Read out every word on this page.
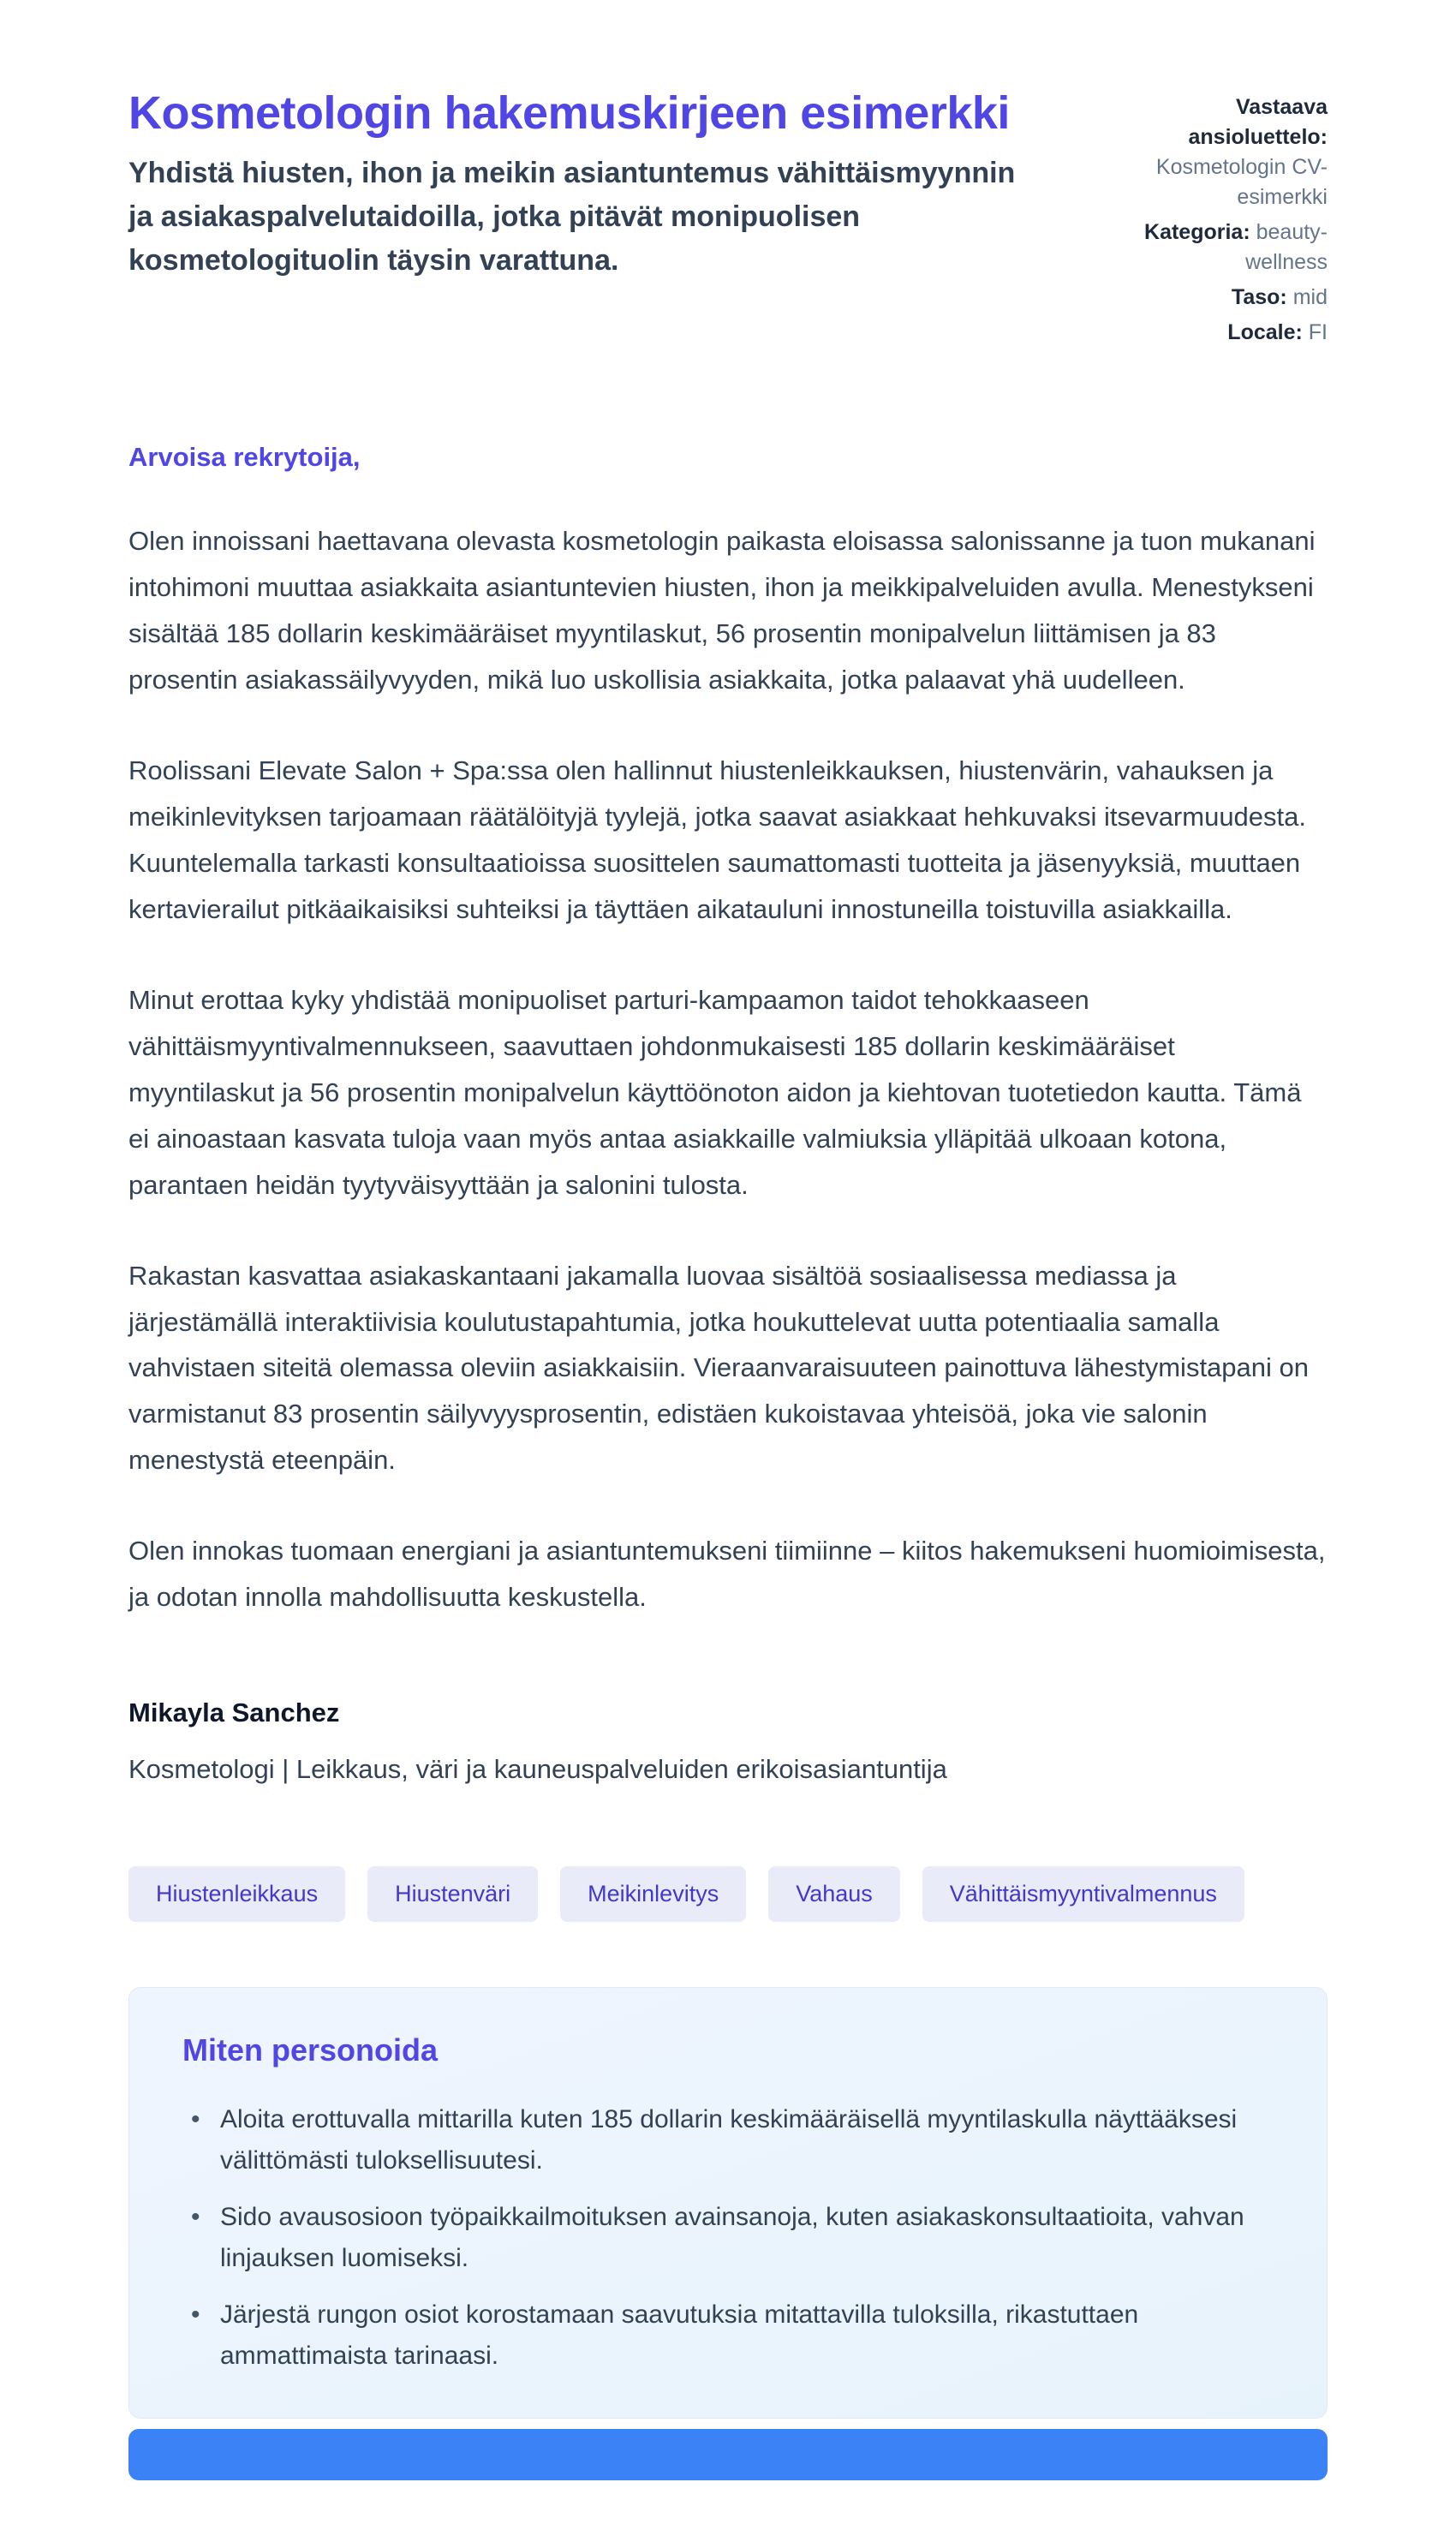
Kosmetologin hakemuskirjeen esimerkki

Yhdistä hiusten, ihon ja meikin asiantuntemus vähittäismyynnin ja asiakaspalvelutaidoilla, jotka pitävät monipuolisen kosmetologituolin täysin varattuna.

Vastaava ansioluettelo: Kosmetologin CV-esimerkki
Kategoria: beauty-wellness
Taso: mid
Locale: FI

Arvoisa rekrytoija,

Olen innoissani haettavana olevasta kosmetologin paikasta eloisassa salonissanne ja tuon mukanani intohimoni muuttaa asiakkaita asiantuntevien hiusten, ihon ja meikkipalveluiden avulla. Menestykseni sisältää 185 dollarin keskimääräiset myyntilaskut, 56 prosentin monipalvelun liittämisen ja 83 prosentin asiakassäilyvyyden, mikä luo uskollisia asiakkaita, jotka palaavat yhä uudelleen.

Roolissani Elevate Salon + Spa:ssa olen hallinnut hiustenleikkauksen, hiustenvärin, vahauksen ja meikinlevityksen tarjoamaan räätälöityjä tyylejä, jotka saavat asiakkaat hehkuvaksi itsevarmuudesta. Kuuntelemalla tarkasti konsultaatioissa suosittelen saumattomasti tuotteita ja jäsenyyksiä, muuttaen kertavierailut pitkäaikaisiksi suhteiksi ja täyttäen aikatauluni innostuneilla toistuvilla asiakkailla.

Minut erottaa kyky yhdistää monipuoliset parturi-kampaamon taidot tehokkaaseen vähittäismyyntivalmennukseen, saavuttaen johdonmukaisesti 185 dollarin keskimääräiset myyntilaskut ja 56 prosentin monipalvelun käyttöönoton aidon ja kiehtovan tuotetiedon kautta. Tämä ei ainoastaan kasvata tuloja vaan myös antaa asiakkaille valmiuksia ylläpitää ulkoaan kotona, parantaen heidän tyytyväisyyttään ja salonini tulosta.

Rakastan kasvattaa asiakaskantaani jakamalla luovaa sisältöä sosiaalisessa mediassa ja järjestämällä interaktiivisia koulutustapahtumia, jotka houkuttelevat uutta potentiaalia samalla vahvistaen siteitä olemassa oleviin asiakkaisiin. Vieraanvaraisuuteen painottuva lähestymistapani on varmistanut 83 prosentin säilyvyysprosentin, edistäen kukoistavaa yhteisöä, joka vie salonin menestystä eteenpäin.

Olen innokas tuomaan energiani ja asiantuntemukseni tiimiinne – kiitos hakemukseni huomioimisesta, ja odotan innolla mahdollisuutta keskustella.

Mikayla Sanchez

Kosmetologi | Leikkaus, väri ja kauneuspalveluiden erikoisasiantuntija

Hiustenleikkaus	Hiustenväri	Meikinlevitys	Vahaus	Vähittäismyyntivalmennus
Miten personoida
•
Aloita erottuvalla mittarilla kuten 185 dollarin keskimääräisellä myyntilaskulla näyttääksesi välittömästi tuloksellisuutesi.
•
Sido avausosioon työpaikkailmoituksen avainsanoja, kuten asiakaskonsultaatioita, vahvan linjauksen luomiseksi.
•
Järjestä rungon osiot korostamaan saavutuksia mitattavilla tuloksilla, rikastuttaen ammattimaista tarinaasi.
